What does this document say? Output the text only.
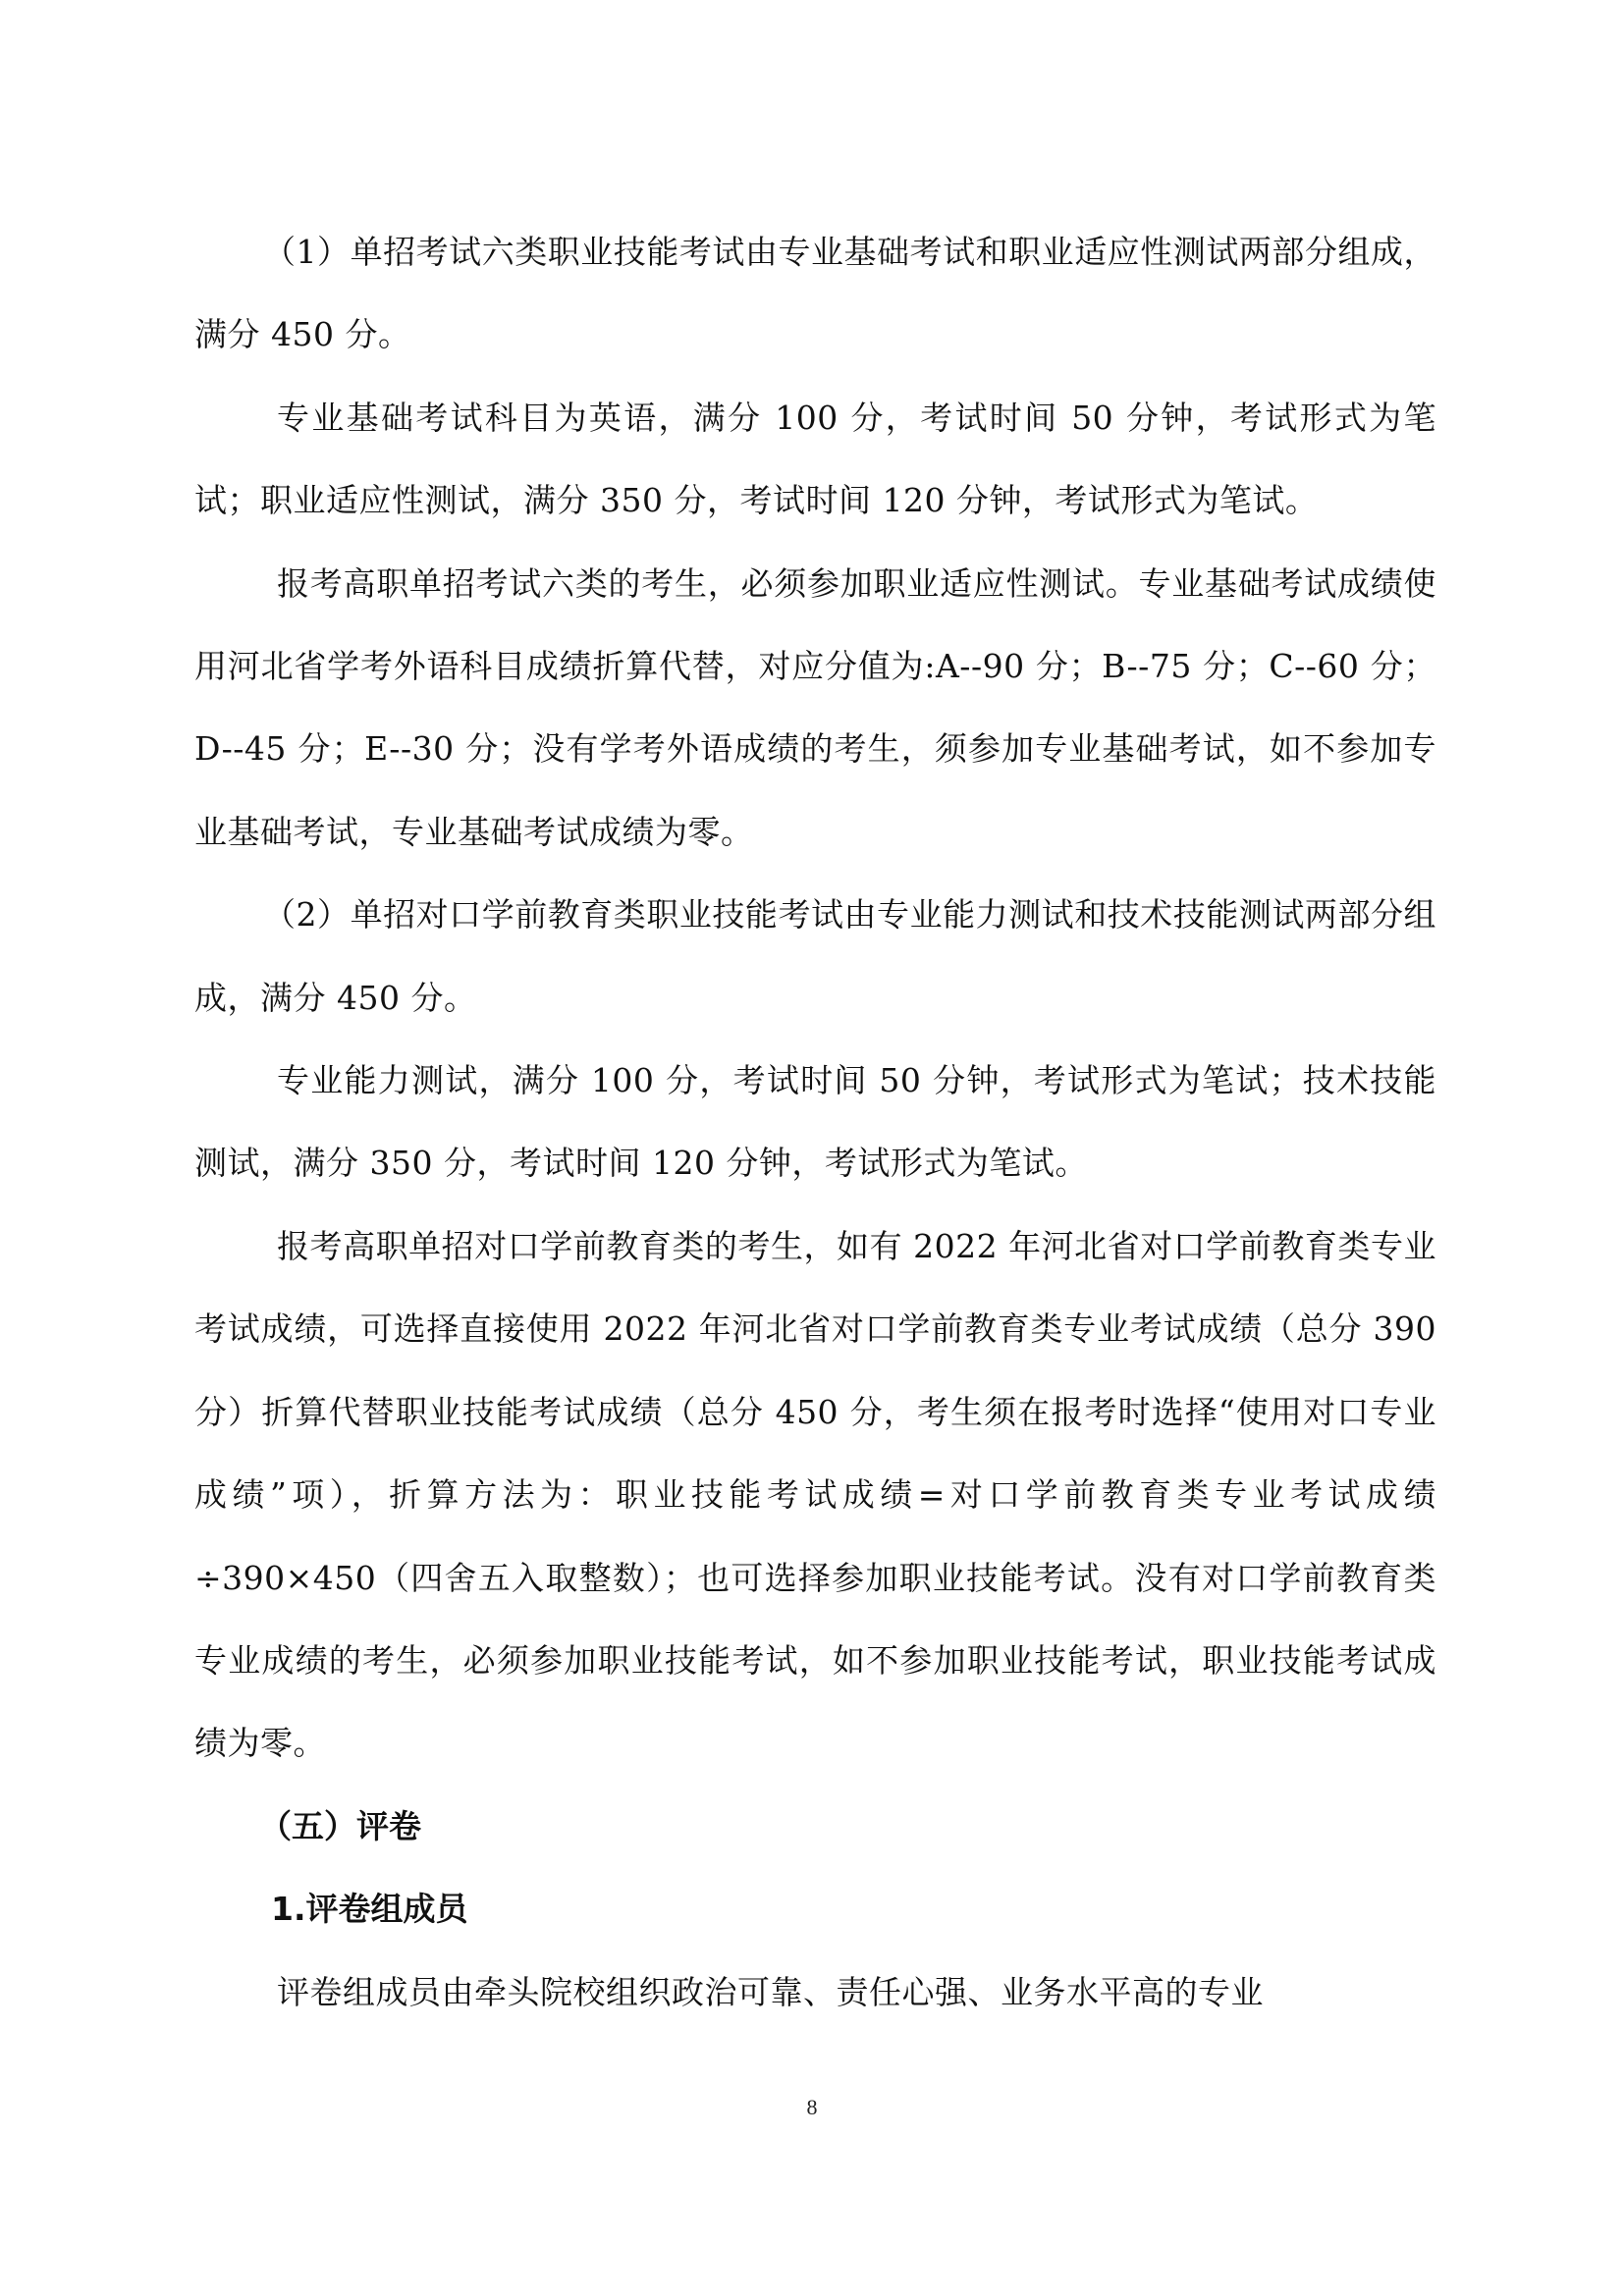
（1）单招考试六类职业技能考试由专业基础考试和职业适应性测试两部分组成，满分 450 分。

专业基础考试科目为英语，满分 100 分，考试时间 50 分钟，考试形式为笔试；职业适应性测试，满分 350 分，考试时间 120 分钟，考试形式为笔试。

报考高职单招考试六类的考生，必须参加职业适应性测试。专业基础考试成绩使用河北省学考外语科目成绩折算代替，对应分值为:A--90 分；B--75 分；C--60 分；D--45 分；E--30 分；没有学考外语成绩的考生，须参加专业基础考试，如不参加专业基础考试，专业基础考试成绩为零。

（2）单招对口学前教育类职业技能考试由专业能力测试和技术技能测试两部分组成，满分 450 分。

专业能力测试，满分 100 分，考试时间 50 分钟，考试形式为笔试；技术技能测试，满分 350 分，考试时间 120 分钟，考试形式为笔试。

报考高职单招对口学前教育类的考生，如有 2022 年河北省对口学前教育类专业考试成绩，可选择直接使用 2022 年河北省对口学前教育类专业考试成绩（总分 390 分）折算代替职业技能考试成绩（总分 450 分，考生须在报考时选择“使用对口专业成绩”项），折算方法为：职业技能考试成绩=对口学前教育类专业考试成绩÷390×450（四舍五入取整数）；也可选择参加职业技能考试。没有对口学前教育类专业成绩的考生，必须参加职业技能考试，如不参加职业技能考试，职业技能考试成绩为零。

（五）评卷

1.评卷组成员

评卷组成员由牵头院校组织政治可靠、责任心强、业务水平高的专业

8
